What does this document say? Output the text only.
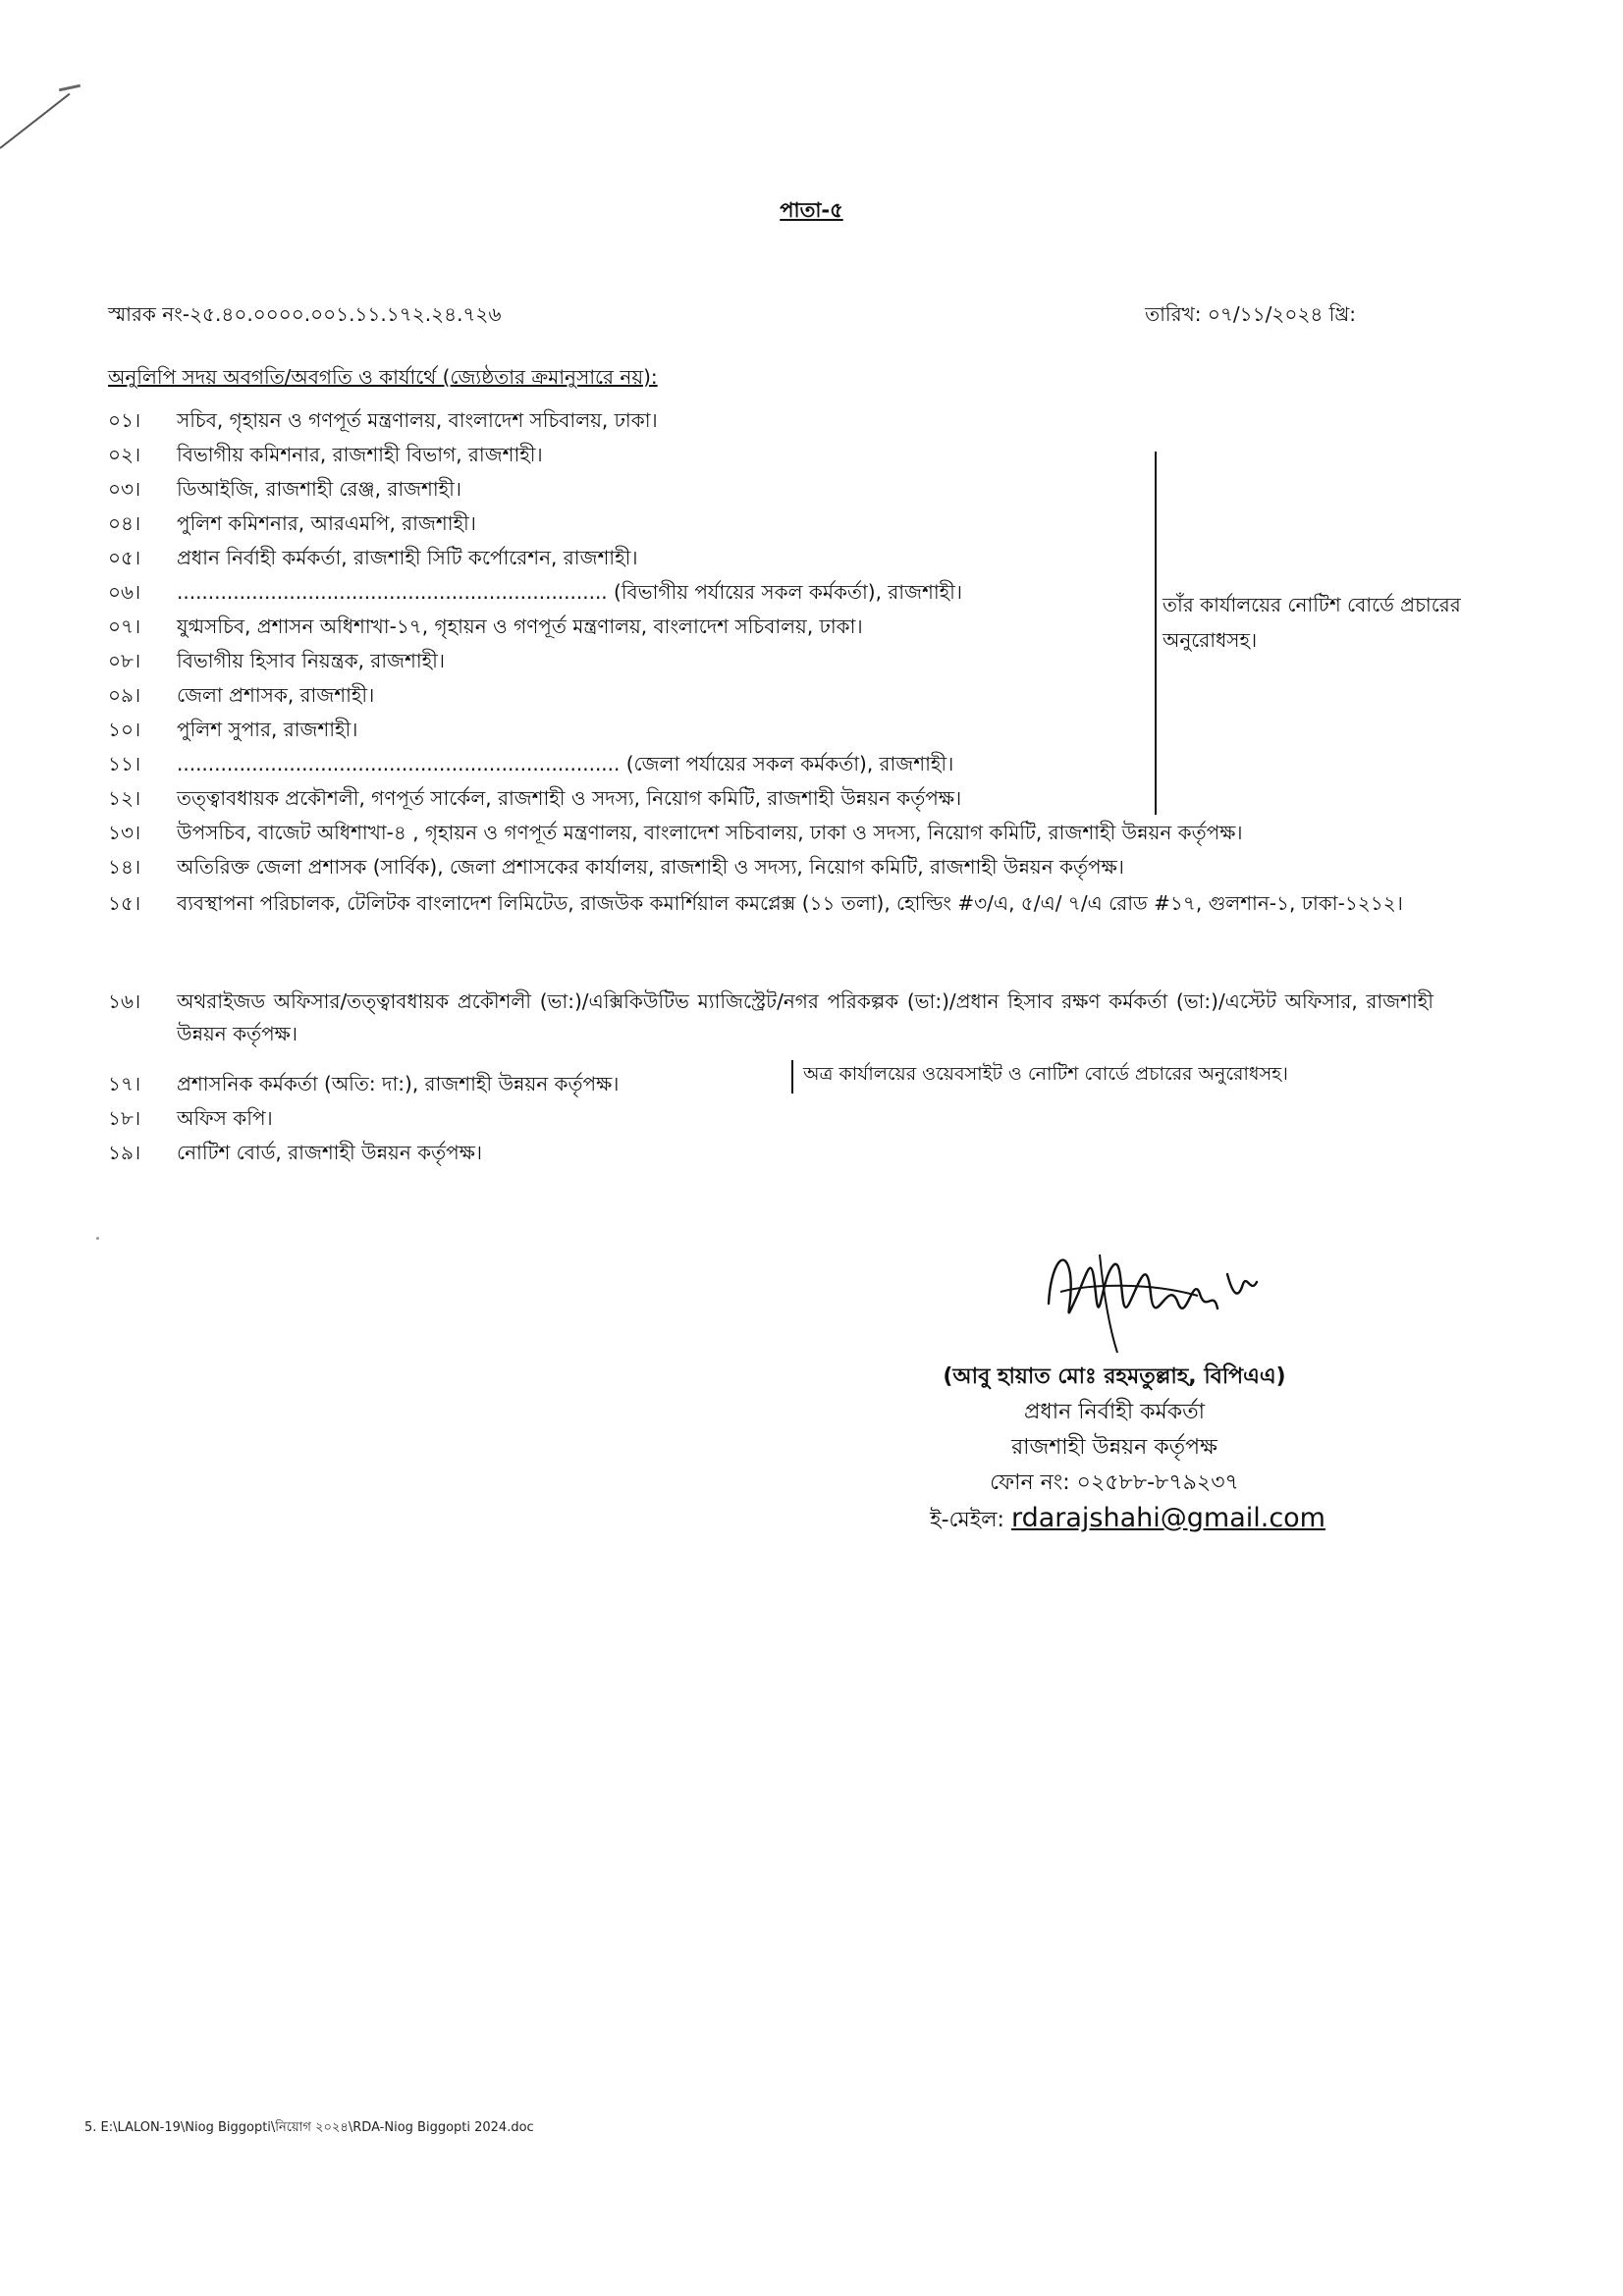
পাতা-৫
স্মারক নং-২৫.৪০.০০০০.০০১.১১.১৭২.২৪.৭২৬	তারিখ: ০৭/১১/২০২৪ খ্রি:
অনুলিপি সদয় অবগতি/অবগতি ও কার্যার্থে (জ্যেষ্ঠতার ক্রমানুসারে নয়):
০১।	সচিব, গৃহায়ন ও গণপূর্ত মন্ত্রণালয়, বাংলাদেশ সচিবালয়, ঢাকা।
০২।	বিভাগীয় কমিশনার, রাজশাহী বিভাগ, রাজশাহী।
০৩।	ডিআইজি, রাজশাহী রেঞ্জ, রাজশাহী।
০৪।	পুলিশ কমিশনার, আরএমপি, রাজশাহী।
০৫।	প্রধান নির্বাহী কর্মকর্তা, রাজশাহী সিটি কর্পোরেশন, রাজশাহী।
০৬।	..................................................................... (বিভাগীয় পর্যায়ের সকল কর্মকর্তা), রাজশাহী।
০৭।	যুগ্মসচিব, প্রশাসন অধিশাখা-১৭, গৃহায়ন ও গণপূর্ত মন্ত্রণালয়, বাংলাদেশ সচিবালয়, ঢাকা।
০৮।	বিভাগীয় হিসাব নিয়ন্ত্রক, রাজশাহী।
০৯।	জেলা প্রশাসক, রাজশাহী।
১০।	পুলিশ সুপার, রাজশাহী।
১১।	....................................................................... (জেলা পর্যায়ের সকল কর্মকর্তা), রাজশাহী।
১২।	তত্ত্বাবধায়ক প্রকৌশলী, গণপূর্ত সার্কেল, রাজশাহী ও সদস্য, নিয়োগ কমিটি, রাজশাহী উন্নয়ন কর্তৃপক্ষ।
১৩।	উপসচিব, বাজেট অধিশাখা-৪ , গৃহায়ন ও গণপূর্ত মন্ত্রণালয়, বাংলাদেশ সচিবালয়, ঢাকা ও সদস্য, নিয়োগ কমিটি, রাজশাহী উন্নয়ন কর্তৃপক্ষ।
১৪।	অতিরিক্ত জেলা প্রশাসক (সার্বিক), জেলা প্রশাসকের কার্যালয়, রাজশাহী ও সদস্য, নিয়োগ কমিটি, রাজশাহী উন্নয়ন কর্তৃপক্ষ।
১৫।	ব্যবস্থাপনা পরিচালক, টেলিটক বাংলাদেশ লিমিটেড, রাজউক কমার্শিয়াল কমপ্লেক্স (১১ তলা), হোল্ডিং #৩/এ, ৫/এ/ ৭/এ রোড #১৭, গুলশান-১, ঢাকা-১২১২।
১৬।	অথরাইজড অফিসার/তত্ত্বাবধায়ক প্রকৌশলী (ভা:)/এক্সিকিউটিভ ম্যাজিস্ট্রেট/নগর পরিকল্পক (ভা:)/প্রধান হিসাব রক্ষণ কর্মকর্তা (ভা:)/এস্টেট অফিসার, রাজশাহী উন্নয়ন কর্তৃপক্ষ।
১৭।	প্রশাসনিক কর্মকর্তা (অতি: দা:), রাজশাহী উন্নয়ন কর্তৃপক্ষ।
১৮।	অফিস কপি।
১৯।	নোটিশ বোর্ড, রাজশাহী উন্নয়ন কর্তৃপক্ষ।
তাঁর কার্যালয়ের নোটিশ বোর্ডে প্রচারের অনুরোধসহ।
অত্র কার্যালয়ের ওয়েবসাইট ও নোটিশ বোর্ডে প্রচারের অনুরোধসহ।
(আবু হায়াত মোঃ রহমতুল্লাহ, বিপিএএ)
প্রধান নির্বাহী কর্মকর্তা
রাজশাহী উন্নয়ন কর্তৃপক্ষ
ফোন নং: ০২৫৮৮-৮৭৯২৩৭
ই-মেইল: rdarajshahi@gmail.com
5. E:\LALON-19\Niog Biggopti\নিয়োগ ২০২৪\RDA-Niog Biggopti 2024.doc
